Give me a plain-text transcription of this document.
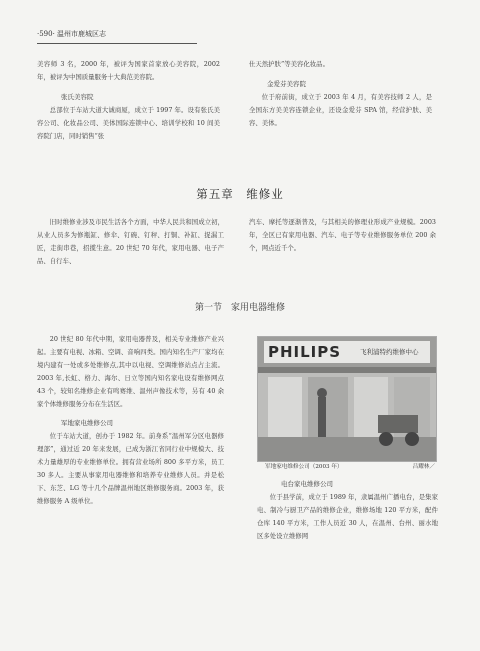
·590· 温州市鹿城区志

美容师 3 名，2000 年，被评为国家首家放心美容院，2002 年，被评为中国质量服务十大典范美容院。

张氏美容院

总部位于车站大道大诚商厦，成立于 1997 年。设有张氏美容公司、化妆品公司、美体国际连锁中心、培训学校和 10 间美容院门店，同时销售“张

仕天然护肤”等美容化妆品。

金爱芬美容院

位于府前街，成立于 2003 年 4 月，有美容技师 2 人，是全国东方美美容连锁企业，还设金爱芬 SPA 馆，经营护肤、美容、美体。

第五章　维修业

旧时维修业涉及市民生活各个方面，中华人民共和国成立初，从业人员多为修瓶缸、修伞、钉碗、钉秤、打铜、补缸、捉漏工匠，走街串巷，招揽生意。20 世纪 70 年代，家用电器、电子产品、自行车、

汽车、摩托等逐渐普及，与其相关的修理业形成产业规模。2003 年，全区已有家用电器、汽车、电子等专业维修服务单位 200 余个，网点近千个。

第一节　家用电器维修

20 世纪 80 年代中期，家用电器普及，相关专业维修产业兴起。主要有电视、冰箱、空调、音响四类。国内知名生产厂家均在境内建有一处或多处维修点,其中以电视、空调维修站点占主流。2003 年,长虹、格力、海尔、日立等国内知名家电设有维修网点 43 个，较知名维修企业有鸣赛维、温州声像技术等，另有 40 余家个体维修服务分布在生活区。

军地家电维修公司

位于车站大道，创办于 1982 年。前身系“温州军分区电器修理部”，通过近 20 年来发展，已成为浙江省同行业中规模大、技术力量雄厚的专业维修单位。拥有营业场所 800 多平方米，员工 30 多人。主要从事家用电器维修和培养专业维修人员。并是松下、东芝、LG 等十几个品牌温州地区维修服务商。2003 年，获维修服务 A 级单位。

PHILIPS	飞利浦特约维修中心
军地家电维修公司（2003 年）	吕耀林／

电台家电维修公司

位于县学前，成立于 1989 年，隶属温州广播电台，是集家电、制冷与厨卫产品的维修企业，维修场地 120 平方米，配件仓库 140 平方米，工作人员近 30 人，在温州、台州、丽水地区多处设立维修网
